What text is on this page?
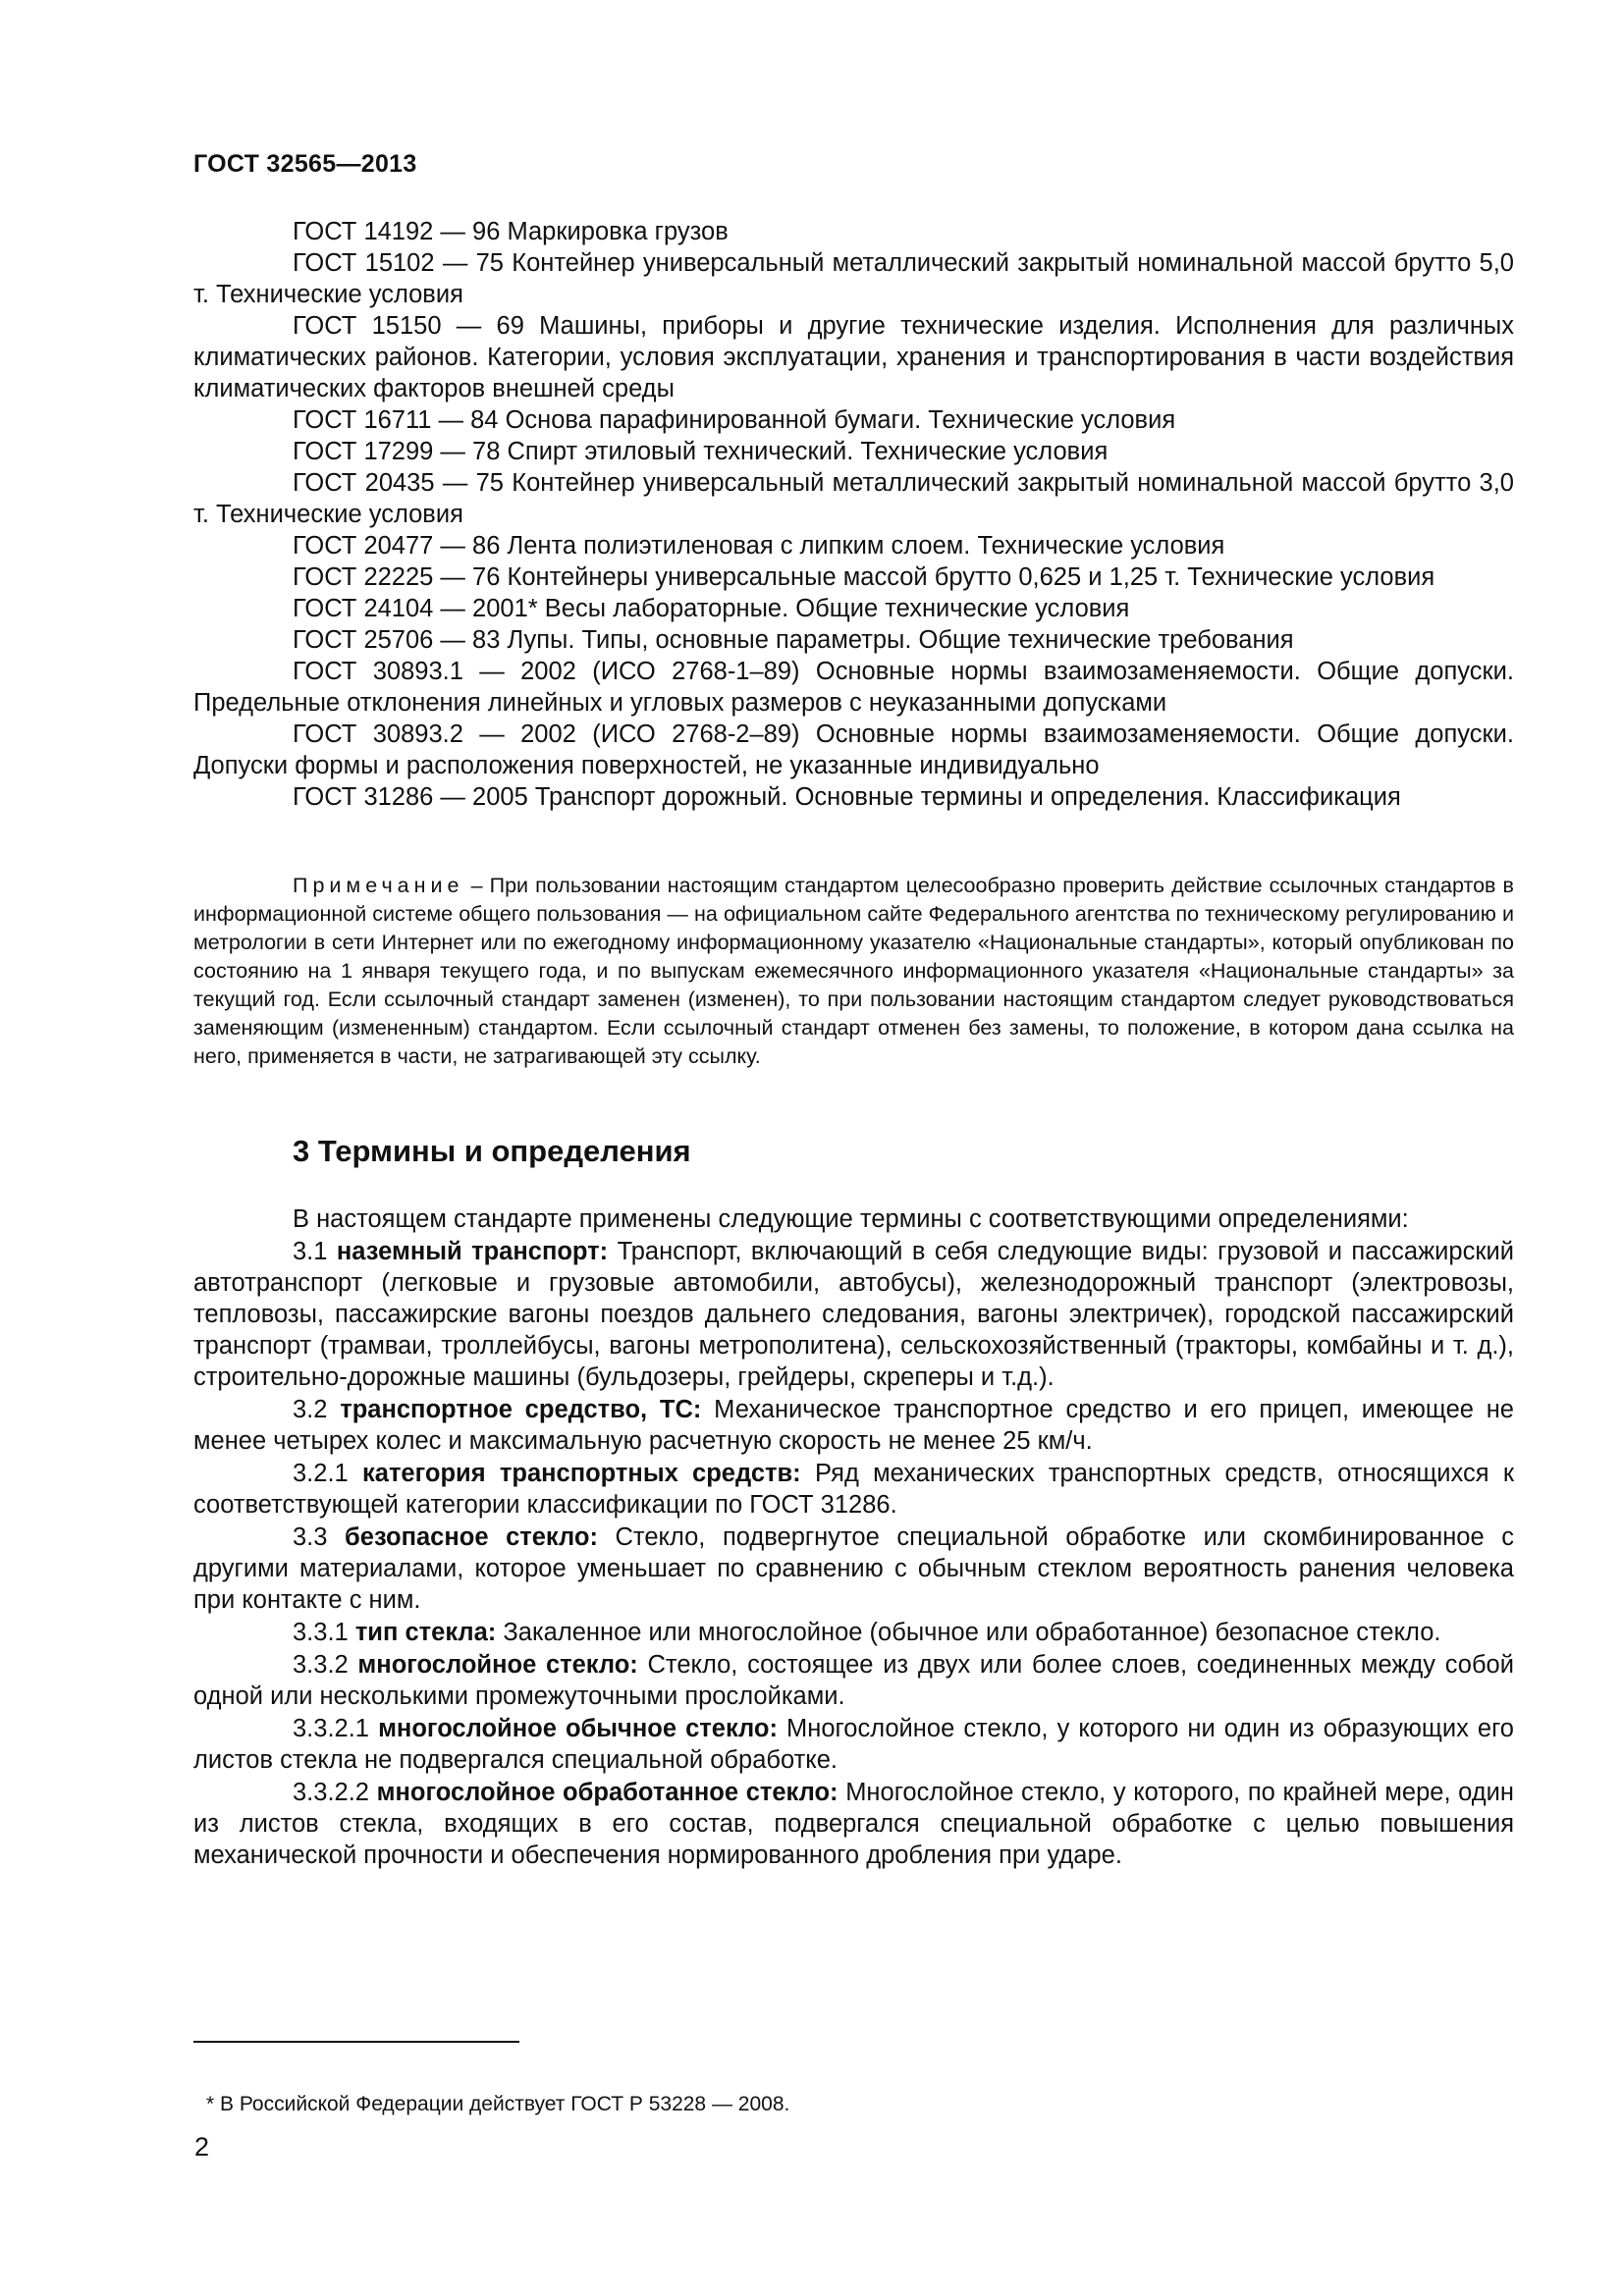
ГОСТ 32565—2013

ГОСТ 14192 — 96 Маркировка грузов

ГОСТ 15102 — 75 Контейнер универсальный металлический закрытый номинальной массой брутто 5,0 т. Технические условия

ГОСТ 15150 — 69 Машины, приборы и другие технические изделия. Исполнения для различных климатических районов. Категории, условия эксплуатации, хранения и транспортирования в части воздействия климатических факторов внешней среды

ГОСТ 16711 — 84 Основа парафинированной бумаги. Технические условия

ГОСТ 17299 — 78 Спирт этиловый технический. Технические условия

ГОСТ 20435 — 75 Контейнер универсальный металлический закрытый номинальной массой брутто 3,0 т. Технические условия

ГОСТ 20477 — 86 Лента полиэтиленовая с липким слоем. Технические условия

ГОСТ 22225 — 76 Контейнеры универсальные массой брутто 0,625 и 1,25 т. Технические условия

ГОСТ 24104 — 2001* Весы лабораторные. Общие технические условия

ГОСТ 25706 — 83 Лупы. Типы, основные параметры. Общие технические требования

ГОСТ 30893.1 — 2002 (ИСО 2768-1–89) Основные нормы взаимозаменяемости. Общие допуски. Предельные отклонения линейных и угловых размеров с неуказанными допусками

ГОСТ 30893.2 — 2002 (ИСО 2768-2–89) Основные нормы взаимозаменяемости. Общие допуски. Допуски формы и расположения поверхностей, не указанные индивидуально

ГОСТ 31286 — 2005 Транспорт дорожный. Основные термины и определения. Классификация

Примечание – При пользовании настоящим стандартом целесообразно проверить действие ссылочных стандартов в информационной системе общего пользования — на официальном сайте Федерального агентства по техническому регулированию и метрологии в сети Интернет или по ежегодному информационному указателю «Национальные стандарты», который опубликован по состоянию на 1 января текущего года, и по выпускам ежемесячного информационного указателя «Национальные стандарты» за текущий год. Если ссылочный стандарт заменен (изменен), то при пользовании настоящим стандартом следует руководствоваться заменяющим (измененным) стандартом. Если ссылочный стандарт отменен без замены, то положение, в котором дана ссылка на него, применяется в части, не затрагивающей эту ссылку.

3 Термины и определения

В настоящем стандарте применены следующие термины с соответствующими определениями:

3.1 наземный транспорт: Транспорт, включающий в себя следующие виды: грузовой и пассажирский автотранспорт (легковые и грузовые автомобили, автобусы), железнодорожный транспорт (электровозы, тепловозы, пассажирские вагоны поездов дальнего следования, вагоны электричек), городской пассажирский транспорт (трамваи, троллейбусы, вагоны метрополитена), сельскохозяйственный (тракторы, комбайны и т. д.), строительно-дорожные машины (бульдозеры, грейдеры, скреперы и т.д.).

3.2 транспортное средство, ТС: Механическое транспортное средство и его прицеп, имеющее не менее четырех колес и максимальную расчетную скорость не менее 25 км/ч.

3.2.1 категория транспортных средств: Ряд механических транспортных средств, относящихся к соответствующей категории классификации по ГОСТ 31286.

3.3 безопасное стекло: Стекло, подвергнутое специальной обработке или скомбинированное с другими материалами, которое уменьшает по сравнению с обычным стеклом вероятность ранения человека при контакте с ним.

3.3.1 тип стекла: Закаленное или многослойное (обычное или обработанное) безопасное стекло.

3.3.2 многослойное стекло: Стекло, состоящее из двух или более слоев, соединенных между собой одной или несколькими промежуточными прослойками.

3.3.2.1 многослойное обычное стекло: Многослойное стекло, у которого ни один из образующих его листов стекла не подвергался специальной обработке.

3.3.2.2 многослойное обработанное стекло: Многослойное стекло, у которого, по крайней мере, один из листов стекла, входящих в его состав, подвергался специальной обработке с целью повышения механической прочности и обеспечения нормированного дробления при ударе.

* В Российской Федерации действует ГОСТ Р 53228 — 2008.
2
